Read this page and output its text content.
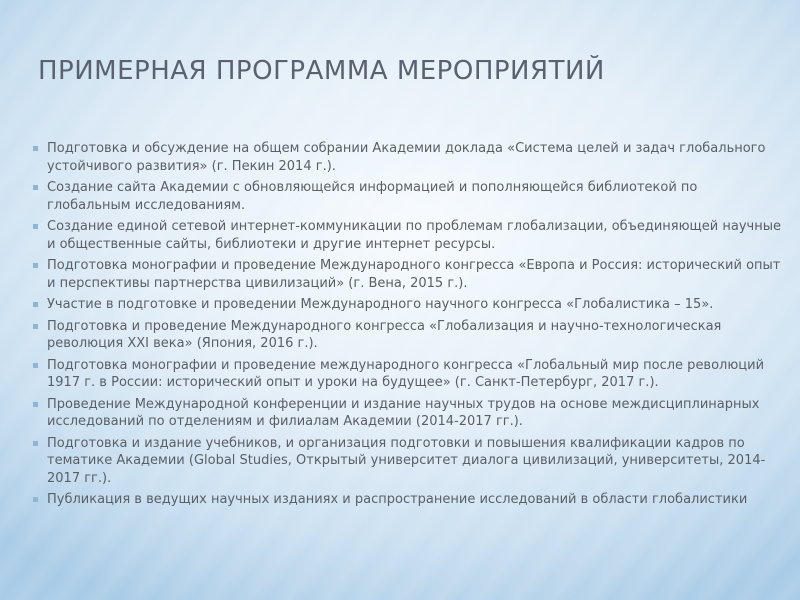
ПРИМЕРНАЯ ПРОГРАММА МЕРОПРИЯТИЙ
Подготовка и обсуждение на общем собрании Академии доклада «Система целей и задач глобального устойчивого развития» (г. Пекин 2014 г.).
Создание сайта Академии с обновляющейся информацией и пополняющейся библиотекой по глобальным исследованиям.
Создание единой сетевой интернет-коммуникации по проблемам глобализации, объединяющей научные и общественные сайты, библиотеки и другие интернет ресурсы.
Подготовка монографии и проведение Международного конгресса «Европа и Россия: исторический опыт и перспективы партнерства цивилизаций» (г. Вена, 2015 г.).
Участие в подготовке и проведении Международного научного конгресса «Глобалистика – 15».
Подготовка и проведение Международного конгресса «Глобализация и научно-технологическая революция XXI века» (Япония, 2016 г.).
Подготовка монографии и проведение международного конгресса «Глобальный мир после революций 1917 г. в России: исторический опыт и уроки на будущее» (г. Санкт-Петербург, 2017 г.).
Проведение Международной конференции и издание научных трудов на основе междисциплинарных исследований по отделениям и филиалам Академии (2014-2017 гг.).
Подготовка и издание учебников, и организация подготовки и повышения квалификации кадров по тематике Академии (Global Studies, Открытый университет диалога цивилизаций, университеты, 2014-2017 гг.).
Публикация в ведущих научных изданиях и распространение исследований в области глобалистики
